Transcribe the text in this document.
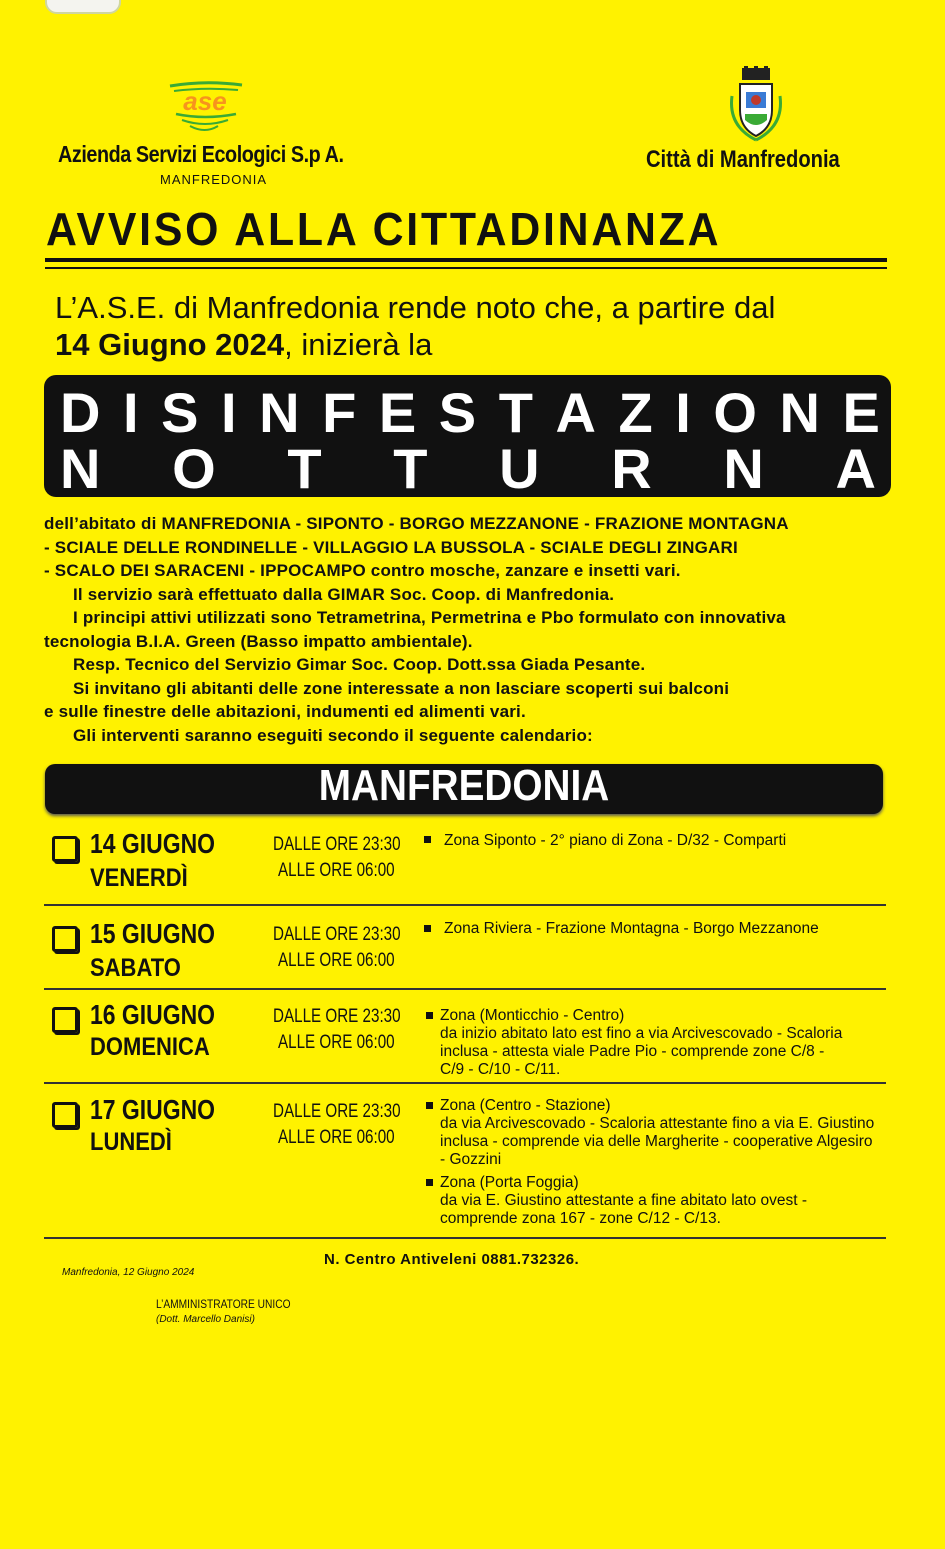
ase
Azienda Servizi Ecologici S.p A.
MANFREDONIA
Città di Manfredonia
AVVISO ALLA CITTADINANZA
L’A.S.E. di Manfredonia rende noto che, a partire dal
14 Giugno 2024, inizierà la
D I S I N F E S T A Z I O N E
N O T T U R N A
dell’abitato di MANFREDONIA - SIPONTO - BORGO MEZZANONE - FRAZIONE MONTAGNA
- SCIALE DELLE RONDINELLE - VILLAGGIO LA BUSSOLA - SCIALE DEGLI ZINGARI
- SCALO DEI SARACENI - IPPOCAMPO contro mosche, zanzare e insetti vari.
Il servizio sarà effettuato dalla GIMAR Soc. Coop. di Manfredonia.
I principi attivi utilizzati sono Tetrametrina, Permetrina e Pbo formulato con innovativa
tecnologia B.I.A. Green (Basso impatto ambientale).
Resp. Tecnico del Servizio Gimar Soc. Coop. Dott.ssa Giada Pesante.
Si invitano gli abitanti delle zone interessate a non lasciare scoperti sui balconi
e sulle finestre delle abitazioni, indumenti ed alimenti vari.
Gli interventi saranno eseguiti secondo il seguente calendario:
MANFREDONIA
14 GIUGNO
VENERDÌ
DALLE ORE 23:30
ALLE ORE 06:00
Zona Siponto - 2° piano di Zona - D/32 - Comparti
15 GIUGNO
SABATO
DALLE ORE 23:30
ALLE ORE 06:00
Zona Riviera - Frazione Montagna - Borgo Mezzanone
16 GIUGNO
DOMENICA
DALLE ORE 23:30
ALLE ORE 06:00
Zona (Monticchio - Centro)
da inizio abitato lato est fino a via Arcivescovado - Scaloria
inclusa - attesta viale Padre Pio - comprende zone C/8 -
C/9 - C/10 - C/11.
17 GIUGNO
LUNEDÌ
DALLE ORE 23:30
ALLE ORE 06:00
Zona (Centro - Stazione)
da via Arcivescovado - Scaloria attestante fino a via E. Giustino
inclusa - comprende via delle Margherite - cooperative Algesiro
- Gozzini
Zona (Porta Foggia)
da via E. Giustino attestante a fine abitato lato ovest -
comprende zona 167 - zone C/12 - C/13.
N. Centro Antiveleni 0881.732326.
Manfredonia, 12 Giugno 2024
L’AMMINISTRATORE UNICO
(Dott. Marcello Danisi)
